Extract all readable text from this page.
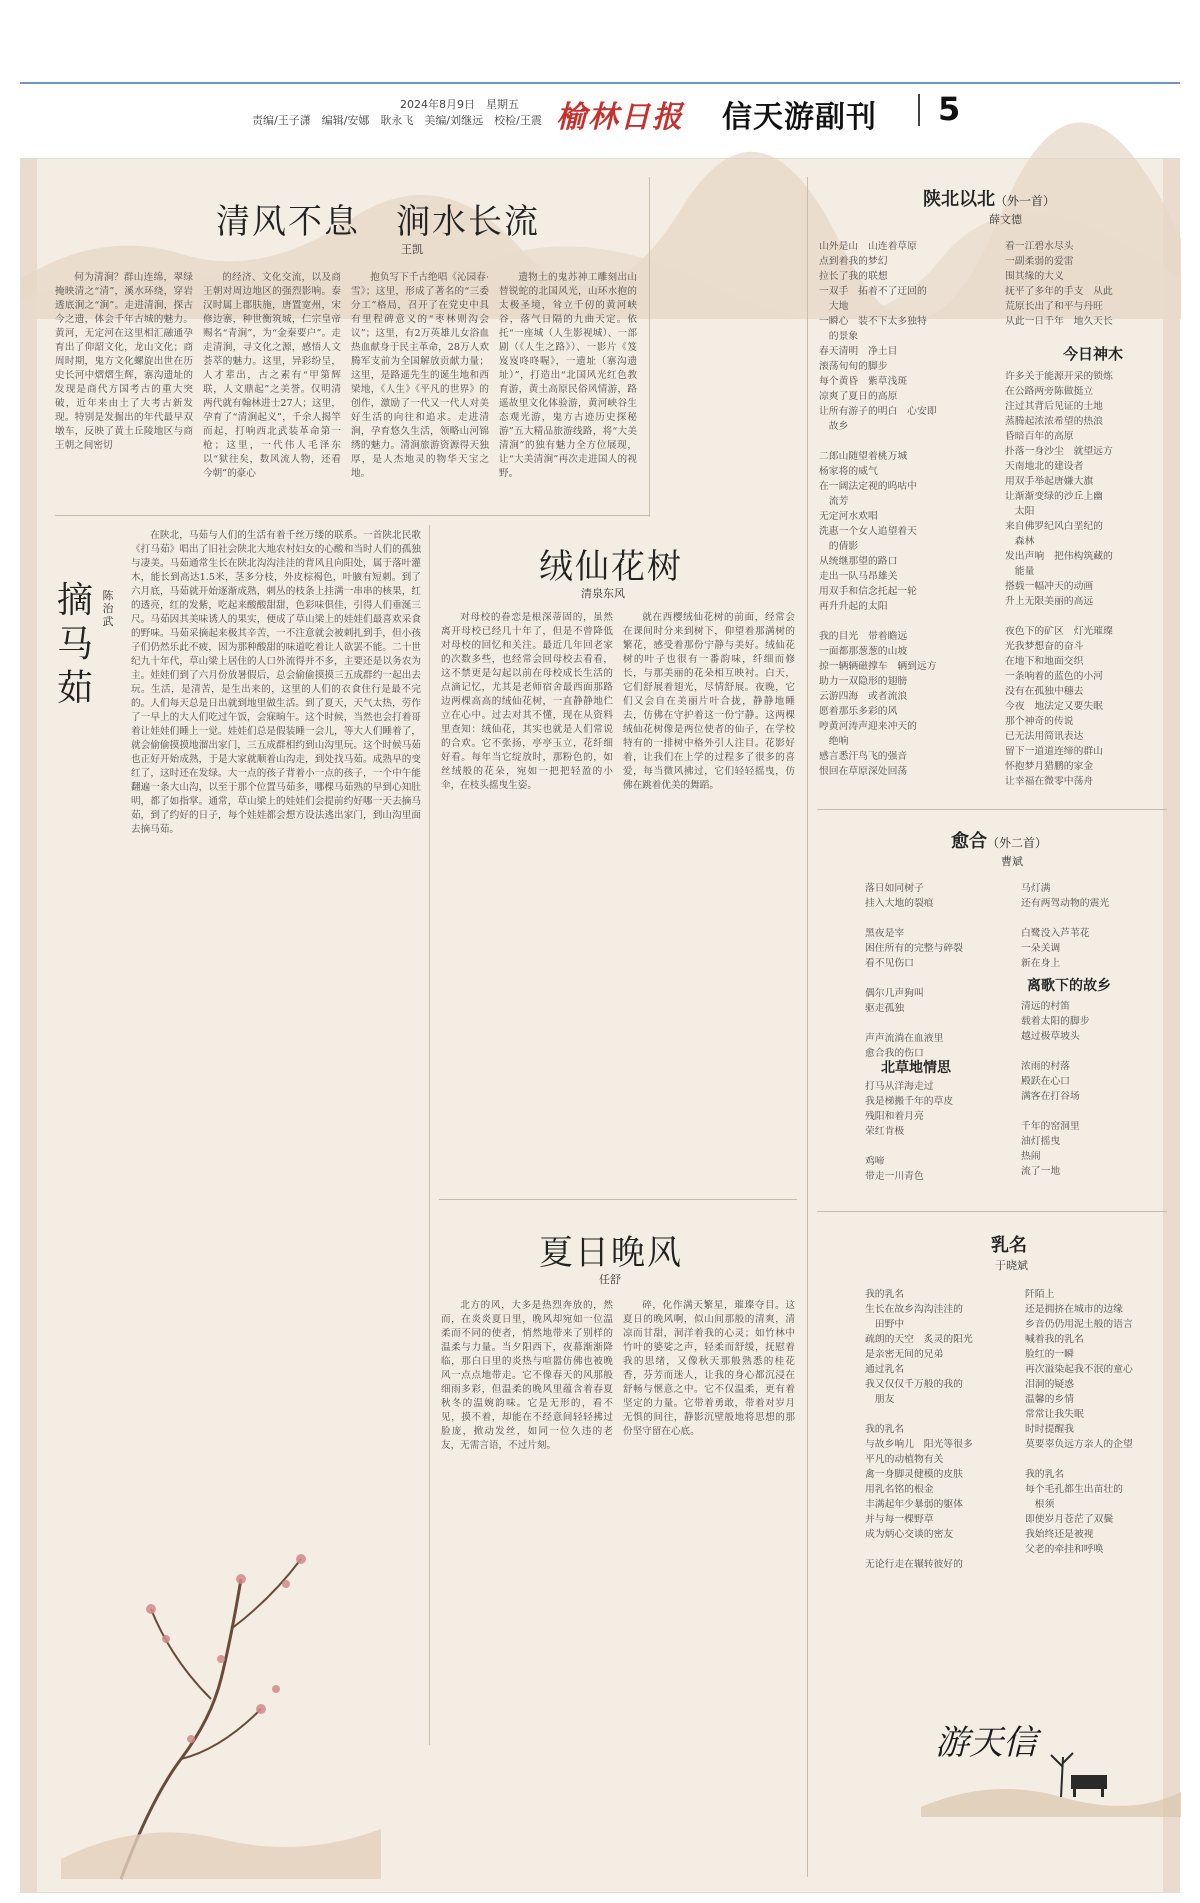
2024年8月9日　星期五
责编/王子潇　编辑/安娜　耿永飞　美编/刘继远　校检/王震 榆林日报 信天游副刊 5
清风不息　涧水长流
王凯

何为清涧？群山连绵，翠绿掩映清之“清”，溪水环绕，穿岩透底涧之“涧”。走进清涧，探古今之遗，体会千年古城的魅力。黄河，无定河在这里相汇融通孕育出了仰韶文化，龙山文化；商周时期，鬼方文化螺旋出世在历史长河中熠熠生辉，寨沟遗址的发现是商代方国考古的重大突破，近年来由土了大考古新发现。特别是发掘出的年代最早双墩车，反映了黄土丘陵地区与商王朝之间密切

的经济、文化交流，以及商王朝对周边地区的强烈影响。泰汉时属上郡肤施，唐置宽州，宋修边寨，种世衡筑城，仁宗皇帝赐名“青涧”，为“金秦要户”。走走清涧，寻文化之源，感悟人文荟萃的魅力。这里，异彩纷呈，人才辈出，古之素有“甲第辉联，人文鼎起”之美誉。仅明清两代就有翰林进士27人；这里，孕育了“清涧起义”，千余人揭竿而起，打响西北武装革命第一枪；这里，一代伟人毛泽东以“狱往矣，数风流人物，还看今朝”的豪心

抱负写下千古绝唱《沁园春·雪》；这里，形成了著名的“三委分工”格局，召开了在党史中具有里程碑意义的“枣林则沟会议”；这里，有2万英雄儿女浴血热血献身于民主革命，28万人欢腾军支前为全国解放贡献力量；这里，是路遥先生的诞生地和西梁地，《人生》《平凡的世界》的创作，激励了一代又一代人对美好生活的向往和追求。走进清涧，孕育悠久生活，领略山河锦绣的魅力。清涧旅游资源得天独厚，是人杰地灵的物华天宝之地。

遗物土的鬼苏神工雕刻出山替锐蛇的北国风光，山环水抱的太极圣境，耸立千仞的黄河峡谷，落气日隔的九曲天定。依托“一座城（人生影视城）、一部剧（《人生之路》）、一影片《笈岌岌咚咚喔》，一遗址（寨沟遗址）”，打造出“北国风光红色教育游，黄土高原民俗风情游，路遥故里文化体验游，黄河峡谷生态观光游，鬼方古迹历史探秘游”五大精品旅游线路，将“大美清涧”的独有魅力全方位展现，让“大美清涧”再次走进国人的视野。

摘马茹
陈治武

在陕北，马茹与人们的生活有着千丝万缕的联系。一首陕北民歌《打马茹》唱出了旧社会陕北大地农村妇女的心酸和当时人们的孤独与凄美。马茹通常生长在陕北沟沟洼洼的背风且向阳处，属于落叶灌木，能长到高达1.5米，茎多分枝，外皮棕褐色，叶腋有短刺。到了六月底，马茹就开始逐渐成熟，刺丛的枝条上挂满一串串的核果，红的透亮，红的发紫，吃起来酸酸甜甜，色彩味俱佳，引得人们垂涎三尺。马茹因其美味诱人的果实，便成了草山梁上的娃娃们最喜欢采食的野味。马茹采摘起来极其辛苦，一不注意就会被刺扎到手，但小孩子们仍然乐此不疲，因为那种酸甜的味道吃着让人欲罢不能。二十世纪九十年代，草山梁上居住的人口外流得并不多，主要还是以务农为主。娃娃们到了六月份放暑假后，总会偷偷摸摸三五成群约一起出去玩。生活，是清苦，是生出来的，这里的人们的衣食住行是最不完的。人们每天总是日出就到地里做生活。到了夏天，天气太热，劳作了一早上的大人们吃过午饭，会寐晌午。这个时候，当然也会打着哥着让娃娃们睡上一觉。娃娃们总是假装睡一会儿，等大人们睡着了，就会偷偷摸摸地溜出家门，三五成群相约到山沟里玩。这个时候马茹也正好开始成熟，于是大家就顺着山沟走，到处找马茹。成熟早的变红了，这时还在发绿。大一点的孩子背着小一点的孩子，一个中午能翻遍一条大山沟，以至于那个位置马茹多，哪棵马茹熟的早到心知肚明，都了如指掌。通常，草山梁上的娃娃们会提前约好哪一天去摘马茹，到了约好的日子，每个娃娃都会想方设法逃出家门，到山沟里面去摘马茹。

绒仙花树
清泉东风

对母校的眷恋是根深蒂固的，虽然离开母校已经几十年了，但是不曾降低对母校的回忆和关注。最近几年回老家的次数多些，也经常会回母校去看看，这不禁更是勾起以前在母校成长生活的点滴记忆，尤其是老师宿舍最西面那路边两棵高高的绒仙花树，一直静静地伫立在心中。过去对其不懂，现在从资料里查知：绒仙花，其实也就是人们常说的合欢。它不张扬，亭亭玉立，花纤细好看。每年当它绽放时，那粉色的，如丝绒般的花朵，宛如一把把轻盈的小伞，在枝头摇曳生姿。

就在西樱绒仙花树的前面，经常会在课间时分来到树下，仰望着那满树的繁花，感受着那份宁静与美好。绒仙花树的叶子也很有一番韵味，纤细而修长，与那美丽的花朵相互映衬。白天，它们舒展着翅光，尽情舒展。夜晚，它们又会自在美丽片叶合拢，静静地睡去，仿佛在守护着这一份宁静。这两棵绒仙花树像是两位使者的仙子，在学校特有的一排树中格外引人注目。花影好着，让我们在上学的过程多了很多的喜爱，每当微风拂过，它们轻轻摇曳，仿佛在跳着优美的舞蹈。

夏日晚风
任舒

北方的风，大多是热烈奔放的，然而，在炎炎夏日里，晚风却宛如一位温柔而不同的使者，悄然地带来了别样的温柔与力量。当夕阳西下，夜幕渐渐降临，那白日里的炎热与喧嚣仿佛也被晚风一点点地带走。它不像春天的风那般细雨多彩，但温柔的晚风里蕴含着春夏秋冬的温婉韵味。它是无形的，看不见，摸不着，却能在不经意间轻轻拂过脸庞，掀动发丝，如同一位久违的老友，无需言语，不过片刻。

碎，化作满天繁星，璀璨夺目。这夏日的晚风啊，似山间那般的清爽，清凉而甘甜，洞洋着我的心灵；如竹林中竹叶的婆娑之声，轻柔而舒缓，抚慰着我的思绪，又像秋天那般熟悉的桂花香，芬芳而迷人，让我的身心都沉浸在舒畅与惬意之中。它不仅温柔，更有着坚定的力量。它带着勇敢，带着对岁月无惧的间往，静影沉壁般地将思想的那份坚守留在心底。

陕北以北（外一首）
薛文德
山外是山　山连着草原
点到着我的梦幻
拉长了我的联想
一双手　拓着不了迂回的
　大地
一瞬心　装不下太多独特
　的景象
春天清明　净土目
滚荡旬旬的脚步
每个黄昏　紫草浅斑
凉爽了夏日的高原
让所有游子的明白　心安即
　故乡

二郎山随望着桃万城
杨家将的威气
在一阔法定视的呜咕中
　流芳
无定河水欢唱
洗惠一个女人追望着天
　的倩影
从统继那望的路口
走出一队马昂雄关
用双手和信念托起一轮
再升升起的太阳

我的目光　带着瞻远
一面都那葱葱的山坡
掠一辆辆磁撑车　辆到远方
助力一双隐形的翅膀
云游四海　或者流浪
愿着那乐多彩的风
哼黄河涛声迎来冲天的
　绝响
感言悉汗鸟飞的强音
恨回在草原深处回荡
看一江碧水尽头
一副柔弱的爱雷
围其缘的大义
抚平了多年的手支　从此
荒原长出了和平与丹旺
从此一日千年　地久天长
今日神木
许多关于能源开采的锁炼
在公路两旁陈做挺立
注过其背后见证的土地
蒸腾起浓浓希望的热浪
昏暗百年的高原
扑落一身沙尘　就望远方
天南地北的建设者
用双手举起唐嫌大旗
让渐渐变绿的沙丘上幽
　太阳
来自佛罗纪风白垩纪的
　森林
发出声响　把伟构筑藏的
　能量
搭载一幅冲天的动画
升上无限美丽的高远

夜色下的矿区　灯光璀璨
光我梦想奋的奋斗
在地下和地面交织
一条响着的蓝色的小河
没有在孤独中穗去
今夜　地法定又要失眠
那个神奇的传说
已无法用简讯表达
留下一道道连缔的群山
怀抱梦月猎鹏的家金
让幸福在微零中荡舟
愈合（外二首）
曹斌
落日如同树子
挂入大地的裂痕

黑夜是宰
困住所有的完整与碎裂
看不见伤口

偶尔几声狗叫
驱走孤独

声声流淌在血液里
愈合我的伤口
马灯满
还有两驾动物的震光

白鹭没入芦苇花
一朵关调
新在身上
北草地情思
打马从洋海走过
我是梯搬千年的草皮
残阳和着月亮
荣红肯极

鸡啼
带走一川青色
离歌下的故乡
清远的村笛
载着太阳的脚步
越过极草坡头

浓雨的村落
殿跃在心口
满客在打谷场

千年的窑洞里
油灯摇曳
热闹
流了一地
乳名
于晓斌
我的乳名
生长在故乡沟沟洼洼的
　田野中
疏朗的天空　炙灵的阳光
是亲密无间的兄弟
通过乳名
我又仅仅千万般的我的
　朋友

我的乳名
与故乡响儿　阳光等很多
平凡的动植物有关
禽一身脚灵健模的皮肤
用乳名铭的根金
丰满起年少暴弱的躯体
并与每一棵野草
成为炳心交谈的密友

无论行走在辗转彼好的
阡陌上
还是拥挤在城市的边缘
乡音仍仍用泥土般的语言
喊着我的乳名
脸红的一瞬
再次溢染起我不泯的童心
泪洞的疑惑
温馨的乡情
常常让我失眠
时时提醒我
莫要辜负远方亲人的企望

我的乳名
每个毛孔都生出苗壮的
　根须
即使岁月苍茫了双鬓
我始终还是被视
父老的牵挂和呼唤
游天信
